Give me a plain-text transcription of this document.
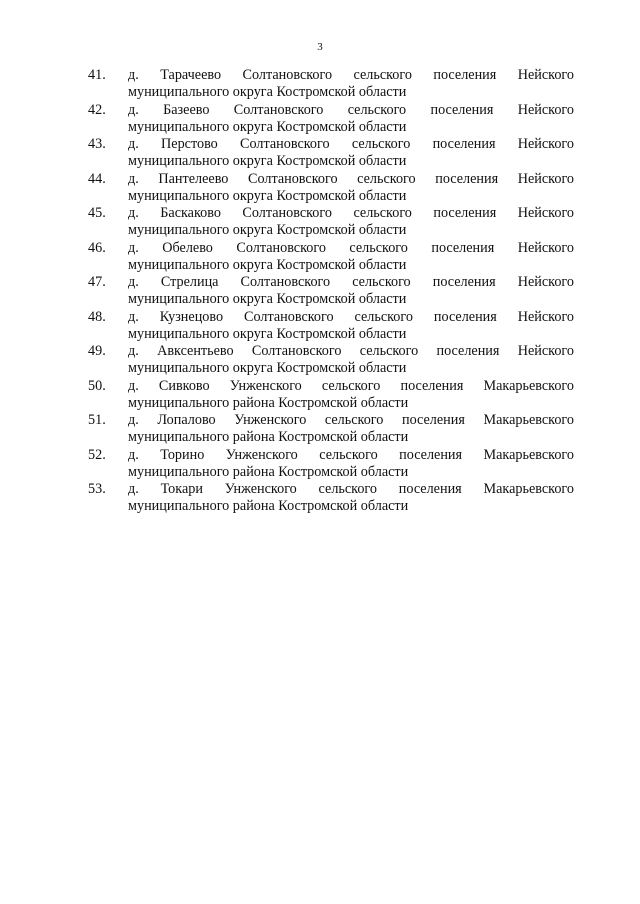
3
41.	д. Тарачеево Солтановского сельского поселения Нейского
муниципального округа Костромской области
42.	д. Базеево Солтановского сельского поселения Нейского
муниципального округа Костромской области
43.	д. Перстово Солтановского сельского поселения Нейского
муниципального округа Костромской области
44.	д. Пантелеево Солтановского сельского поселения Нейского
муниципального округа Костромской области
45.	д. Баскаково Солтановского сельского поселения Нейского
муниципального округа Костромской области
46.	д. Обелево Солтановского сельского поселения Нейского
муниципального округа Костромской области
47.	д. Стрелица Солтановского сельского поселения Нейского
муниципального округа Костромской области
48.	д. Кузнецово Солтановского сельского поселения Нейского
муниципального округа Костромской области
49.	д. Авксентьево Солтановского сельского поселения Нейского
муниципального округа Костромской области
50.	д. Сивково Унженского сельского поселения Макарьевского
муниципального района Костромской области
51.	д. Лопалово Унженского сельского поселения Макарьевского
муниципального района Костромской области
52.	д. Торино Унженского сельского поселения Макарьевского
муниципального района Костромской области
53.	д. Токари Унженского сельского поселения Макарьевского
муниципального района Костромской области
